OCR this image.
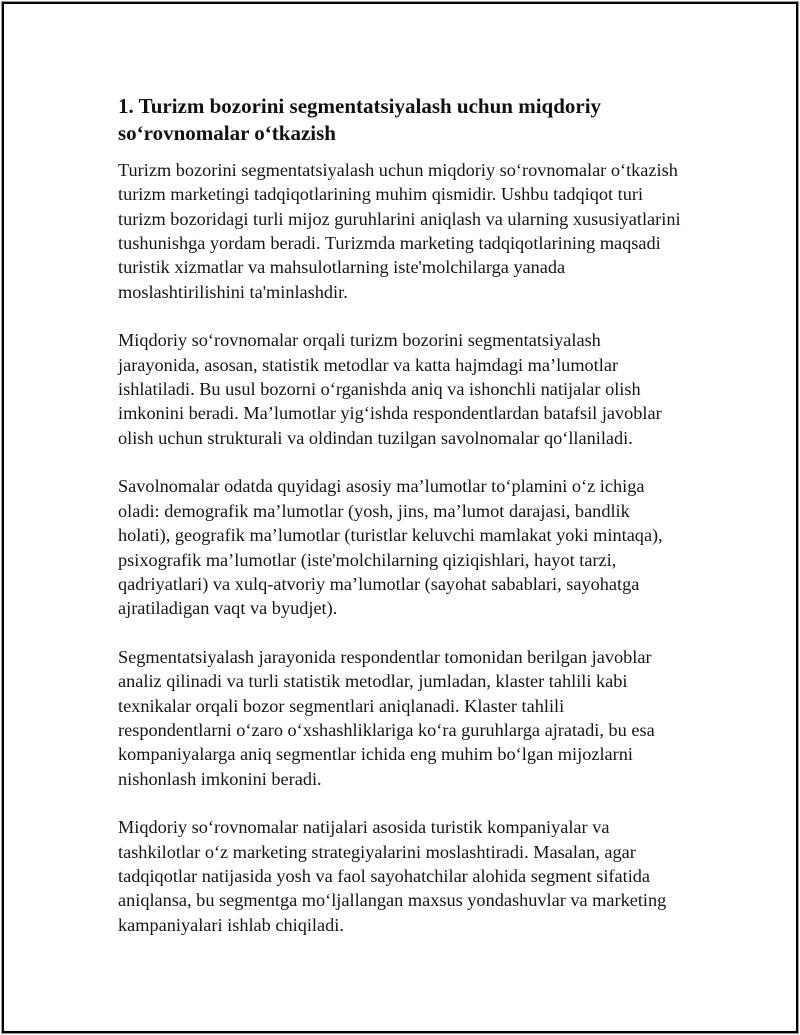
1. Turizm bozorini segmentatsiyalash uchun miqdoriy
so‘rovnomalar o‘tkazish

Turizm bozorini segmentatsiyalash uchun miqdoriy so‘rovnomalar o‘tkazish
turizm marketingi tadqiqotlarining muhim qismidir. Ushbu tadqiqot turi
turizm bozoridagi turli mijoz guruhlarini aniqlash va ularning xususiyatlarini
tushunishga yordam beradi. Turizmda marketing tadqiqotlarining maqsadi
turistik xizmatlar va mahsulotlarning iste'molchilarga yanada
moslashtirilishini ta'minlashdir.

Miqdoriy so‘rovnomalar orqali turizm bozorini segmentatsiyalash
jarayonida, asosan, statistik metodlar va katta hajmdagi ma’lumotlar
ishlatiladi. Bu usul bozorni o‘rganishda aniq va ishonchli natijalar olish
imkonini beradi. Ma’lumotlar yig‘ishda respondentlardan batafsil javoblar
olish uchun strukturali va oldindan tuzilgan savolnomalar qo‘llaniladi.

Savolnomalar odatda quyidagi asosiy ma’lumotlar to‘plamini o‘z ichiga
oladi: demografik ma’lumotlar (yosh, jins, ma’lumot darajasi, bandlik
holati), geografik ma’lumotlar (turistlar keluvchi mamlakat yoki mintaqa),
psixografik ma’lumotlar (iste'molchilarning qiziqishlari, hayot tarzi,
qadriyatlari) va xulq-atvoriy ma’lumotlar (sayohat sabablari, sayohatga
ajratiladigan vaqt va byudjet).

Segmentatsiyalash jarayonida respondentlar tomonidan berilgan javoblar
analiz qilinadi va turli statistik metodlar, jumladan, klaster tahlili kabi
texnikalar orqali bozor segmentlari aniqlanadi. Klaster tahlili
respondentlarni o‘zaro o‘xshashliklariga ko‘ra guruhlarga ajratadi, bu esa
kompaniyalarga aniq segmentlar ichida eng muhim bo‘lgan mijozlarni
nishonlash imkonini beradi.

Miqdoriy so‘rovnomalar natijalari asosida turistik kompaniyalar va
tashkilotlar o‘z marketing strategiyalarini moslashtiradi. Masalan, agar
tadqiqotlar natijasida yosh va faol sayohatchilar alohida segment sifatida
aniqlansa, bu segmentga mo‘ljallangan maxsus yondashuvlar va marketing
kampaniyalari ishlab chiqiladi.
